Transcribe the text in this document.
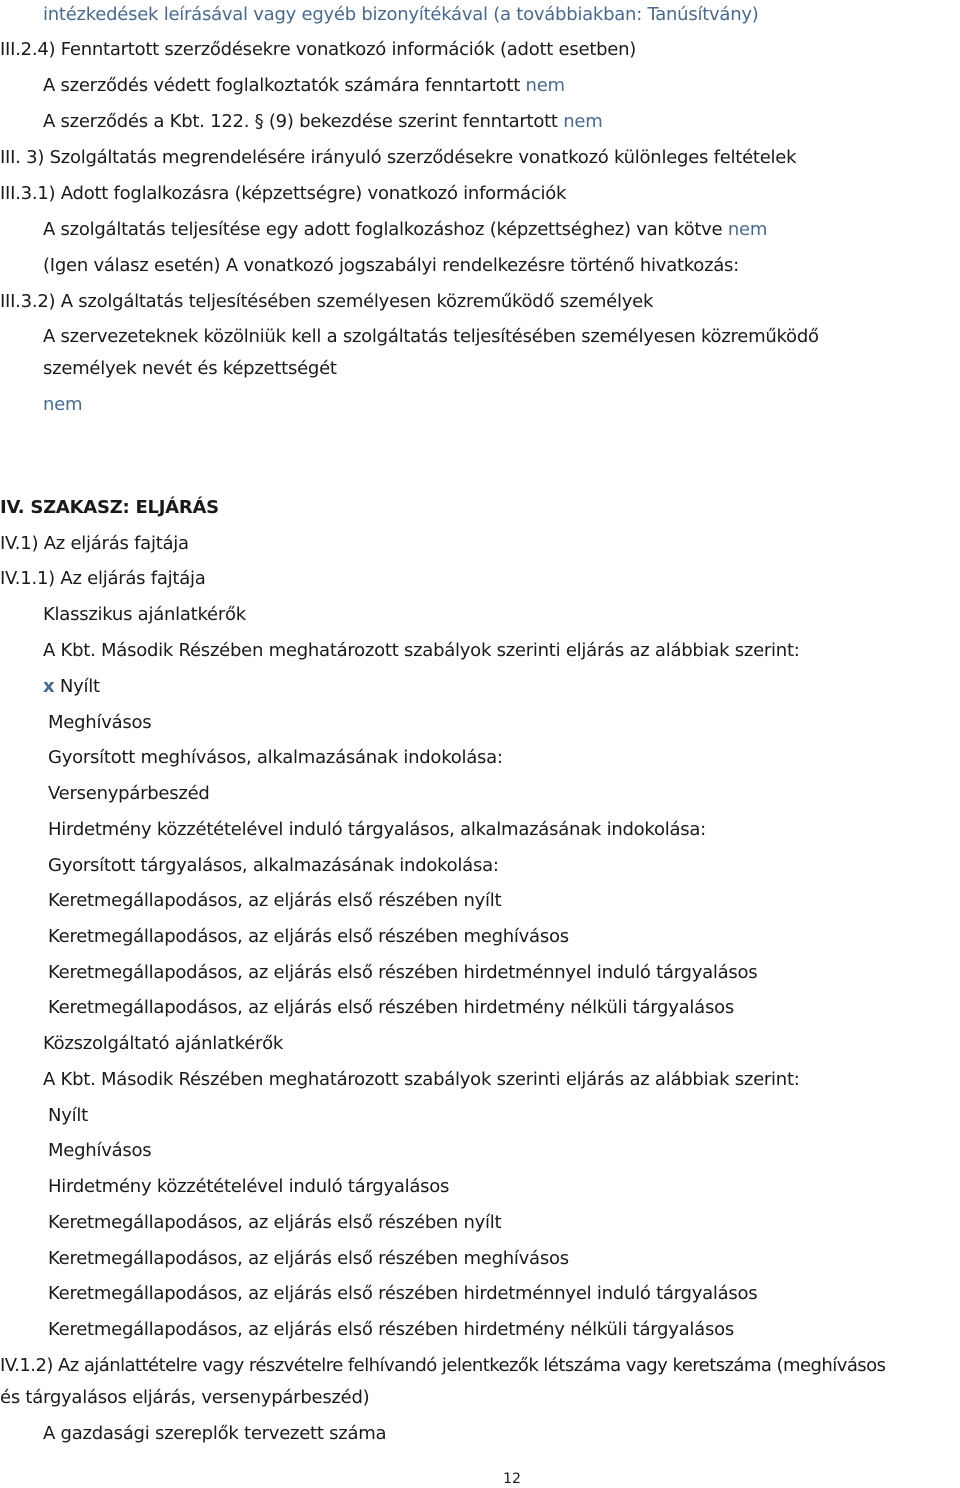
intézkedések leírásával vagy egyéb bizonyítékával (a továbbiakban: Tanúsítvány)
III.2.4) Fenntartott szerződésekre vonatkozó információk (adott esetben)
A szerződés védett foglalkoztatók számára fenntartott nem
A szerződés a Kbt. 122. § (9) bekezdése szerint fenntartott nem
III. 3) Szolgáltatás megrendelésére irányuló szerződésekre vonatkozó különleges feltételek
III.3.1) Adott foglalkozásra (képzettségre) vonatkozó információk
A szolgáltatás teljesítése egy adott foglalkozáshoz (képzettséghez) van kötve nem
(Igen válasz esetén) A vonatkozó jogszabályi rendelkezésre történő hivatkozás:
III.3.2) A szolgáltatás teljesítésében személyesen közreműködő személyek
A szervezeteknek közölniük kell a szolgáltatás teljesítésében személyesen közreműködő
személyek nevét és képzettségét
nem
IV. SZAKASZ: ELJÁRÁS
IV.1) Az eljárás fajtája
IV.1.1) Az eljárás fajtája
Klasszikus ajánlatkérők
A Kbt. Második Részében meghatározott szabályok szerinti eljárás az alábbiak szerint:
x Nyílt
Meghívásos
Gyorsított meghívásos, alkalmazásának indokolása:
Versenypárbeszéd
Hirdetmény közzétételével induló tárgyalásos, alkalmazásának indokolása:
Gyorsított tárgyalásos, alkalmazásának indokolása:
Keretmegállapodásos, az eljárás első részében nyílt
Keretmegállapodásos, az eljárás első részében meghívásos
Keretmegállapodásos, az eljárás első részében hirdetménnyel induló tárgyalásos
Keretmegállapodásos, az eljárás első részében hirdetmény nélküli tárgyalásos
Közszolgáltató ajánlatkérők
A Kbt. Második Részében meghatározott szabályok szerinti eljárás az alábbiak szerint:
Nyílt
Meghívásos
Hirdetmény közzétételével induló tárgyalásos
Keretmegállapodásos, az eljárás első részében nyílt
Keretmegállapodásos, az eljárás első részében meghívásos
Keretmegállapodásos, az eljárás első részében hirdetménnyel induló tárgyalásos
Keretmegállapodásos, az eljárás első részében hirdetmény nélküli tárgyalásos
IV.1.2) Az ajánlattételre vagy részvételre felhívandó jelentkezők létszáma vagy keretszáma (meghívásos
és tárgyalásos eljárás, versenypárbeszéd)
A gazdasági szereplők tervezett száma
12
